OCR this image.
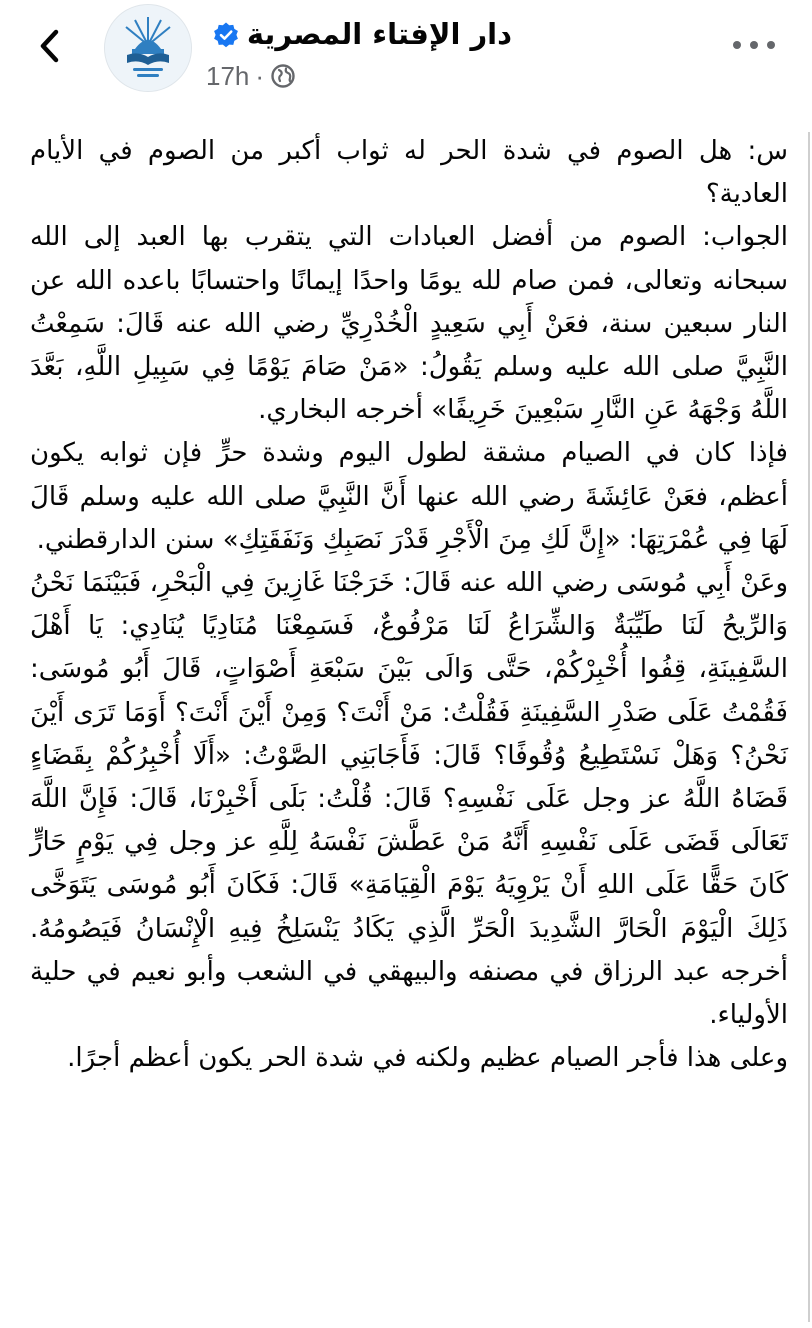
دار الإفتاء المصرية
17h ·

س: هل الصوم في شدة الحر له ثواب أكبر من الصوم في الأيام العادية؟

الجواب: الصوم من أفضل العبادات التي يتقرب بها العبد إلى الله سبحانه وتعالى، فمن صام لله يومًا واحدًا إيمانًا واحتسابًا باعده الله عن النار سبعين سنة، فعَنْ أَبِي سَعِيدٍ الْخُدْرِيِّ رضي الله عنه قَالَ: سَمِعْتُ النَّبِيَّ صلى الله عليه وسلم يَقُولُ: «مَنْ صَامَ يَوْمًا فِي سَبِيلِ اللَّهِ، بَعَّدَ اللَّهُ وَجْهَهُ عَنِ النَّارِ سَبْعِينَ خَرِيفًا» أخرجه البخاري.

فإذا كان في الصيام مشقة لطول اليوم وشدة حرٍّ فإن ثوابه يكون أعظم، فعَنْ عَائِشَةَ رضي الله عنها أَنَّ النَّبِيَّ صلى الله عليه وسلم قَالَ لَهَا فِي عُمْرَتِهَا: «إِنَّ لَكِ مِنَ الْأَجْرِ قَدْرَ نَصَبِكِ وَنَفَقَتِكِ» سنن الدارقطني.

وعَنْ أَبِي مُوسَى رضي الله عنه قَالَ: خَرَجْنَا غَازِينَ فِي الْبَحْرِ، فَبَيْنَمَا نَحْنُ وَالرِّيحُ لَنَا طَيِّبَةٌ وَالشِّرَاعُ لَنَا مَرْفُوعٌ، فَسَمِعْنَا مُنَادِيًا يُنَادِي: يَا أَهْلَ السَّفِينَةِ، قِفُوا أُخْبِرْكُمْ، حَتَّى وَالَى بَيْنَ سَبْعَةِ أَصْوَاتٍ، قَالَ أَبُو مُوسَى: فَقُمْتُ عَلَى صَدْرِ السَّفِينَةِ فَقُلْتُ: مَنْ أَنْتَ؟ وَمِنْ أَيْنَ أَنْتَ؟ أَوَمَا تَرَى أَيْنَ نَحْنُ؟ وَهَلْ نَسْتَطِيعُ وُقُوفًا؟ قَالَ: فَأَجَابَنِي الصَّوْتُ: «أَلَا أُخْبِرُكُمْ بِقَضَاءٍ قَضَاهُ اللَّهُ عز وجل عَلَى نَفْسِهِ؟ قَالَ: قُلْتُ: بَلَى أَخْبِرْنَا، قَالَ: فَإِنَّ اللَّهَ تَعَالَى قَضَى عَلَى نَفْسِهِ أَنَّهُ مَنْ عَطَّشَ نَفْسَهُ لِلَّهِ عز وجل فِي يَوْمٍ حَارٍّ كَانَ حَقًّا عَلَى اللهِ أَنْ يَرْوِيَهُ يَوْمَ الْقِيَامَةِ» قَالَ: فَكَانَ أَبُو مُوسَى يَتَوَخَّى ذَلِكَ الْيَوْمَ الْحَارَّ الشَّدِيدَ الْحَرِّ الَّذِي يَكَادُ يَنْسَلِخُ فِيهِ الْإِنْسَانُ فَيَصُومُهُ. أخرجه عبد الرزاق في مصنفه والبيهقي في الشعب وأبو نعيم في حلية الأولياء.

وعلى هذا فأجر الصيام عظيم ولكنه في شدة الحر يكون أعظم أجرًا.
